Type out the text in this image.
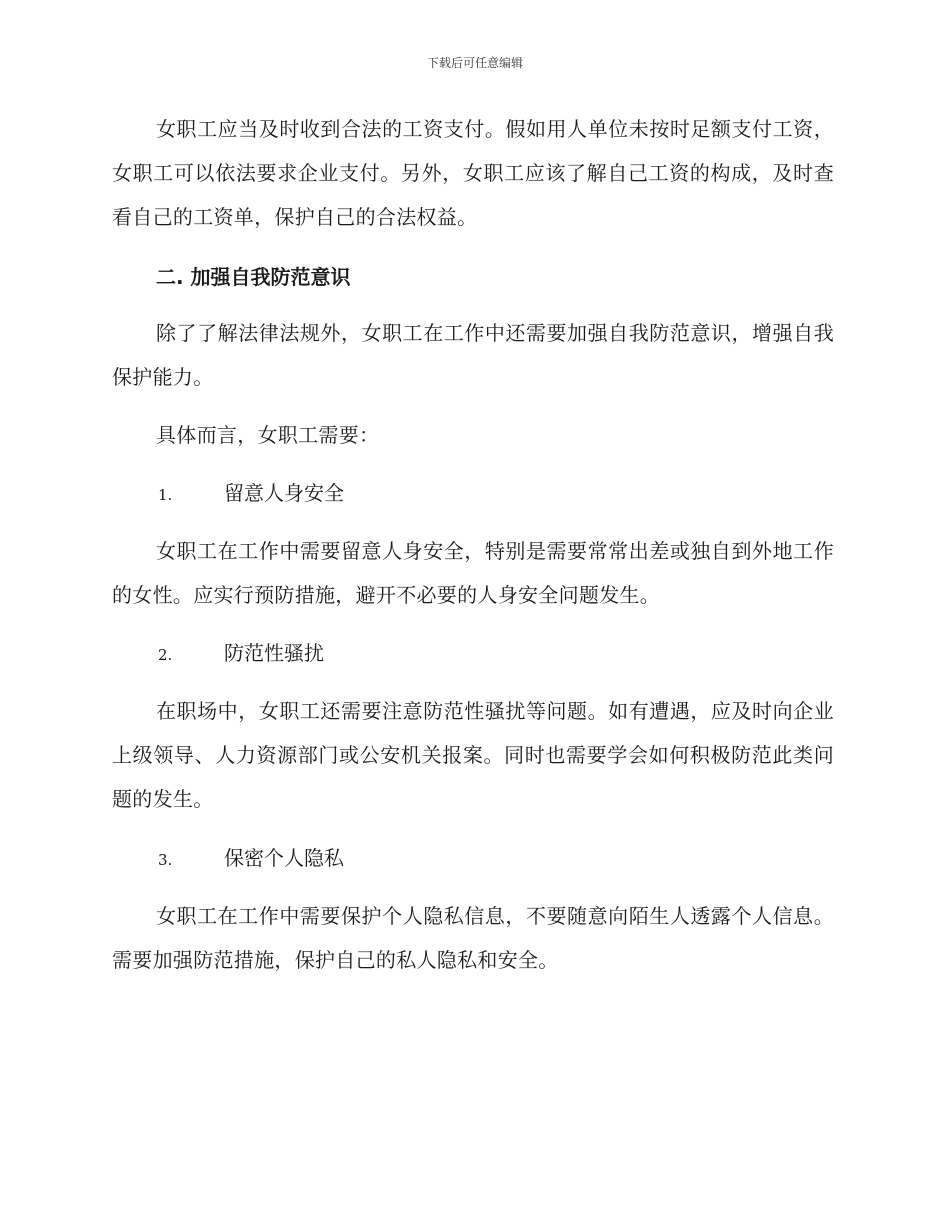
下载后可任意编辑

女职工应当及时收到合法的工资支付。假如用人单位未按时足额支付工资，女职工可以依法要求企业支付。另外，女职工应该了解自己工资的构成，及时查看自己的工资单，保护自己的合法权益。

二. 加强自我防范意识

除了了解法律法规外，女职工在工作中还需要加强自我防范意识，增强自我保护能力。

具体而言，女职工需要：

1.	留意人身安全

女职工在工作中需要留意人身安全，特别是需要常常出差或独自到外地工作的女性。应实行预防措施，避开不必要的人身安全问题发生。

2.	防范性骚扰

在职场中，女职工还需要注意防范性骚扰等问题。如有遭遇，应及时向企业上级领导、人力资源部门或公安机关报案。同时也需要学会如何积极防范此类问题的发生。

3.	保密个人隐私

女职工在工作中需要保护个人隐私信息，不要随意向陌生人透露个人信息。需要加强防范措施，保护自己的私人隐私和安全。
